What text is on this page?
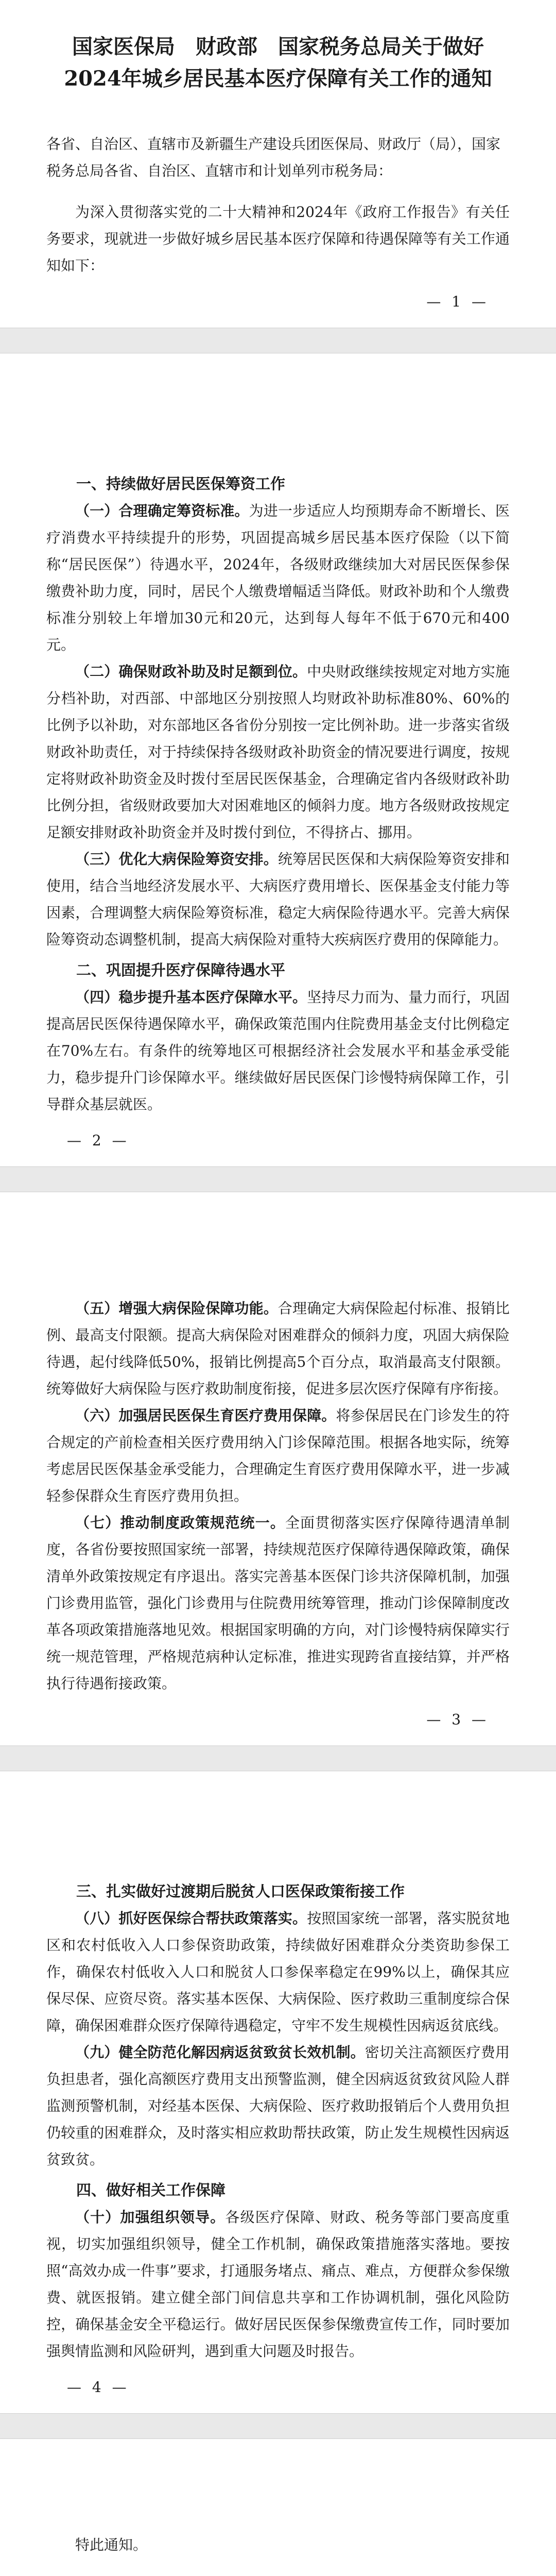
国家医保局　财政部　国家税务总局关于做好
2024年城乡居民基本医疗保障有关工作的通知

各省、自治区、直辖市及新疆生产建设兵团医保局、财政厅（局），国家税务总局各省、自治区、直辖市和计划单列市税务局：

为深入贯彻落实党的二十大精神和2024年《政府工作报告》有关任务要求，现就进一步做好城乡居民基本医疗保障和待遇保障等有关工作通知如下：

— 1 —

一、持续做好居民医保筹资工作

（一）合理确定筹资标准。为进一步适应人均预期寿命不断增长、医疗消费水平持续提升的形势，巩固提高城乡居民基本医疗保险（以下简称“居民医保”）待遇水平，2024年，各级财政继续加大对居民医保参保缴费补助力度，同时，居民个人缴费增幅适当降低。财政补助和个人缴费标准分别较上年增加30元和20元，达到每人每年不低于670元和400元。

（二）确保财政补助及时足额到位。中央财政继续按规定对地方实施分档补助，对西部、中部地区分别按照人均财政补助标准80%、60%的比例予以补助，对东部地区各省份分别按一定比例补助。进一步落实省级财政补助责任，对于持续保持各级财政补助资金的情况要进行调度，按规定将财政补助资金及时拨付至居民医保基金，合理确定省内各级财政补助比例分担，省级财政要加大对困难地区的倾斜力度。地方各级财政按规定足额安排财政补助资金并及时拨付到位，不得挤占、挪用。

（三）优化大病保险筹资安排。统筹居民医保和大病保险筹资安排和使用，结合当地经济发展水平、大病医疗费用增长、医保基金支付能力等因素，合理调整大病保险筹资标准，稳定大病保险待遇水平。完善大病保险筹资动态调整机制，提高大病保险对重特大疾病医疗费用的保障能力。

二、巩固提升医疗保障待遇水平

（四）稳步提升基本医疗保障水平。坚持尽力而为、量力而行，巩固提高居民医保待遇保障水平，确保政策范围内住院费用基金支付比例稳定在70%左右。有条件的统筹地区可根据经济社会发展水平和基金承受能力，稳步提升门诊保障水平。继续做好居民医保门诊慢特病保障工作，引导群众基层就医。

— 2 —

（五）增强大病保险保障功能。合理确定大病保险起付标准、报销比例、最高支付限额。提高大病保险对困难群众的倾斜力度，巩固大病保险待遇，起付线降低50%，报销比例提高5个百分点，取消最高支付限额。统筹做好大病保险与医疗救助制度衔接，促进多层次医疗保障有序衔接。

（六）加强居民医保生育医疗费用保障。将参保居民在门诊发生的符合规定的产前检查相关医疗费用纳入门诊保障范围。根据各地实际，统筹考虑居民医保基金承受能力，合理确定生育医疗费用保障水平，进一步减轻参保群众生育医疗费用负担。

（七）推动制度政策规范统一。全面贯彻落实医疗保障待遇清单制度，各省份要按照国家统一部署，持续规范医疗保障待遇保障政策，确保清单外政策按规定有序退出。落实完善基本医保门诊共济保障机制，加强门诊费用监管，强化门诊费用与住院费用统筹管理，推动门诊保障制度改革各项政策措施落地见效。根据国家明确的方向，对门诊慢特病保障实行统一规范管理，严格规范病种认定标准，推进实现跨省直接结算，并严格执行待遇衔接政策。

— 3 —

三、扎实做好过渡期后脱贫人口医保政策衔接工作

（八）抓好医保综合帮扶政策落实。按照国家统一部署，落实脱贫地区和农村低收入人口参保资助政策，持续做好困难群众分类资助参保工作，确保农村低收入人口和脱贫人口参保率稳定在99%以上，确保其应保尽保、应资尽资。落实基本医保、大病保险、医疗救助三重制度综合保障，确保困难群众医疗保障待遇稳定，守牢不发生规模性因病返贫底线。

（九）健全防范化解因病返贫致贫长效机制。密切关注高额医疗费用负担患者，强化高额医疗费用支出预警监测，健全因病返贫致贫风险人群监测预警机制，对经基本医保、大病保险、医疗救助报销后个人费用负担仍较重的困难群众，及时落实相应救助帮扶政策，防止发生规模性因病返贫致贫。

四、做好相关工作保障

（十）加强组织领导。各级医疗保障、财政、税务等部门要高度重视，切实加强组织领导，健全工作机制，确保政策措施落实落地。要按照“高效办成一件事”要求，打通服务堵点、痛点、难点，方便群众参保缴费、就医报销。建立健全部门间信息共享和工作协调机制，强化风险防控，确保基金安全平稳运行。做好居民医保参保缴费宣传工作，同时要加强舆情监测和风险研判，遇到重大问题及时报告。

— 4 —

特此通知。
